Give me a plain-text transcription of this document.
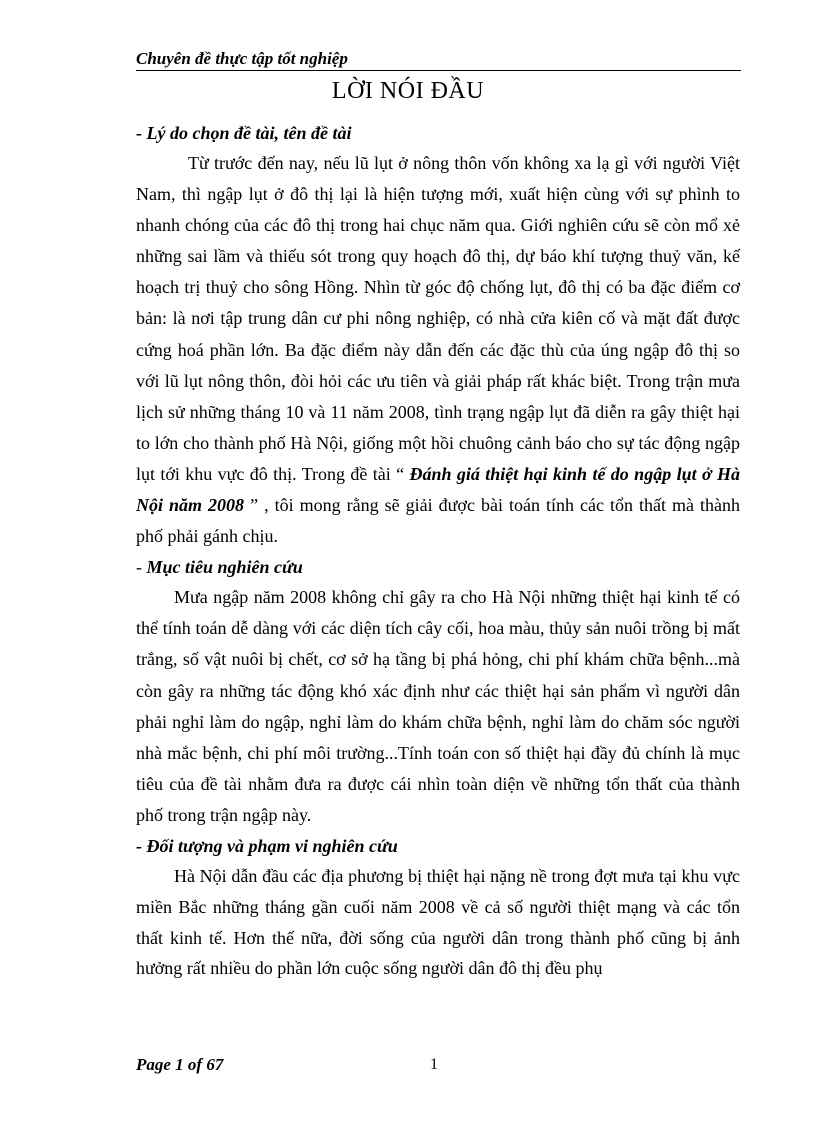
Chuyên đề thực tập tốt nghiệp
LỜI NÓI ĐẦU
- Lý do chọn đề tài, tên đề tài

Từ trước đến nay, nếu lũ lụt ở nông thôn vốn không xa lạ gì với người Việt Nam, thì ngập lụt ở đô thị lại là hiện tượng mới, xuất hiện cùng với sự phình to nhanh chóng của các đô thị trong hai chục năm qua. Giới nghiên cứu sẽ còn mổ xẻ những sai lầm và thiếu sót trong quy hoạch đô thị, dự báo khí tượng thuỷ văn, kế hoạch trị thuỷ cho sông Hồng. Nhìn từ góc độ chống lụt, đô thị có ba đặc điểm cơ bản: là nơi tập trung dân cư phi nông nghiệp, có nhà cửa kiên cố và mặt đất được cứng hoá phần lớn. Ba đặc điểm này dẫn đến các đặc thù của úng ngập đô thị so với lũ lụt nông thôn, đòi hỏi các ưu tiên và giải pháp rất khác biệt. Trong trận mưa lịch sử những tháng 10 và 11 năm 2008, tình trạng ngập lụt đã diễn ra gây thiệt hại to lớn cho thành phố Hà Nội, giống một hồi chuông cảnh báo cho sự tác động ngập lụt tới khu vực đô thị. Trong đề tài “ Đánh giá thiệt hại kinh tế do ngập lụt ở Hà Nội năm 2008 ” , tôi mong rằng sẽ giải được bài toán tính các tổn thất mà thành phố phải gánh chịu.

- Mục tiêu nghiên cứu

Mưa ngập năm 2008 không chỉ gây ra cho Hà Nội những thiệt hại kinh tế có thể tính toán dễ dàng với các diện tích cây cối, hoa màu, thủy sản nuôi trồng bị mất trắng, số vật nuôi bị chết, cơ sở hạ tầng bị phá hỏng, chi phí khám chữa bệnh...mà còn gây ra những tác động khó xác định như các thiệt hại sản phẩm vì người dân phải nghỉ làm do ngập, nghỉ làm do khám chữa bệnh, nghỉ làm do chăm sóc người nhà mắc bệnh, chi phí môi trường...Tính toán con số thiệt hại đầy đủ chính là mục tiêu của đề tài nhằm đưa ra được cái nhìn toàn diện về những tổn thất của thành phố trong trận ngập này.

- Đối tượng và phạm vi nghiên cứu

Hà Nội dẫn đầu các địa phương bị thiệt hại nặng nề trong đợt mưa tại khu vực miền Bắc những tháng gần cuối năm 2008 về cả số người thiệt mạng và các tổn thất kinh tế. Hơn thế nữa, đời sống của người dân trong thành phố cũng bị ảnh hưởng rất nhiều do phần lớn cuộc sống người dân đô thị đều phụ

Page 1 of 67	1
